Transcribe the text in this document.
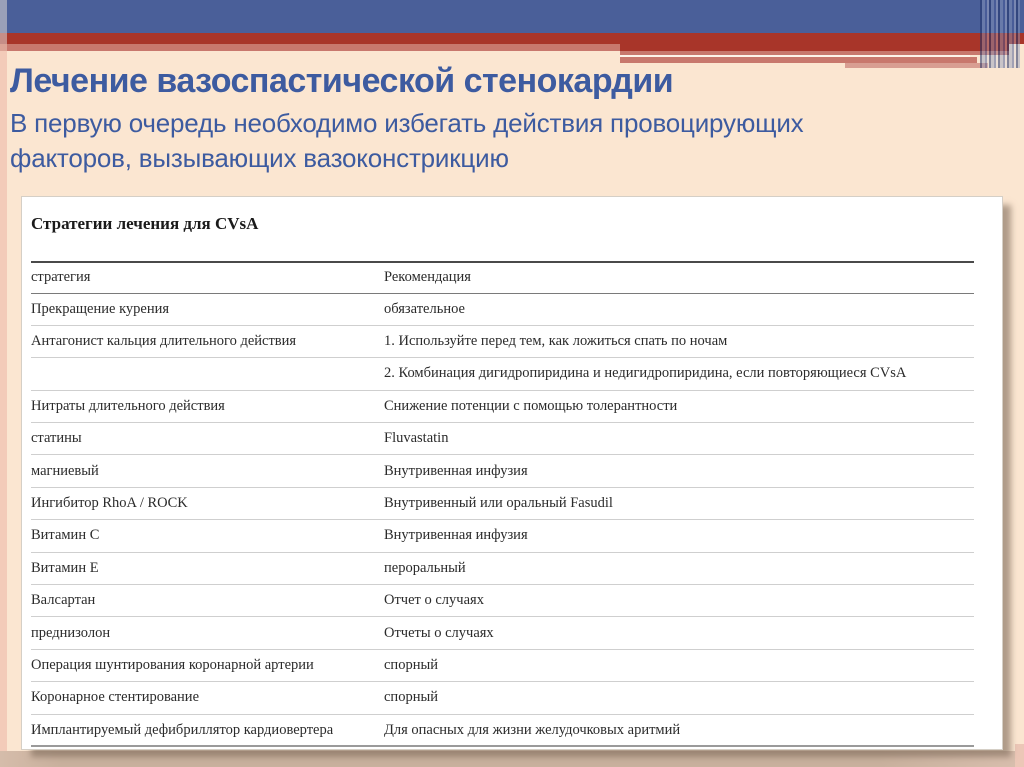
Лечение вазоспастической стенокардии
В первую очередь необходимо избегать действия провоцирующих
факторов, вызывающих вазоконстрикцию
Стратегии лечения для CVsA
стратегия	Рекомендация
Прекращение курения	обязательное
Антагонист кальция длительного действия	1. Используйте перед тем, как ложиться спать по ночам
	2. Комбинация дигидропиридина и недигидропиридина, если повторяющиеся CVsA
Нитраты длительного действия	Снижение потенции с помощью толерантности
статины	Fluvastatin
магниевый	Внутривенная инфузия
Ингибитор RhoA / ROCK	Внутривенный или оральный Fasudil
Витамин C	Внутривенная инфузия
Витамин E	пероральный
Валсартан	Отчет о случаях
преднизолон	Отчеты о случаях
Операция шунтирования коронарной артерии	спорный
Коронарное стентирование	спорный
Имплантируемый дефибриллятор кардиовертера	Для опасных для жизни желудочковых аритмий
